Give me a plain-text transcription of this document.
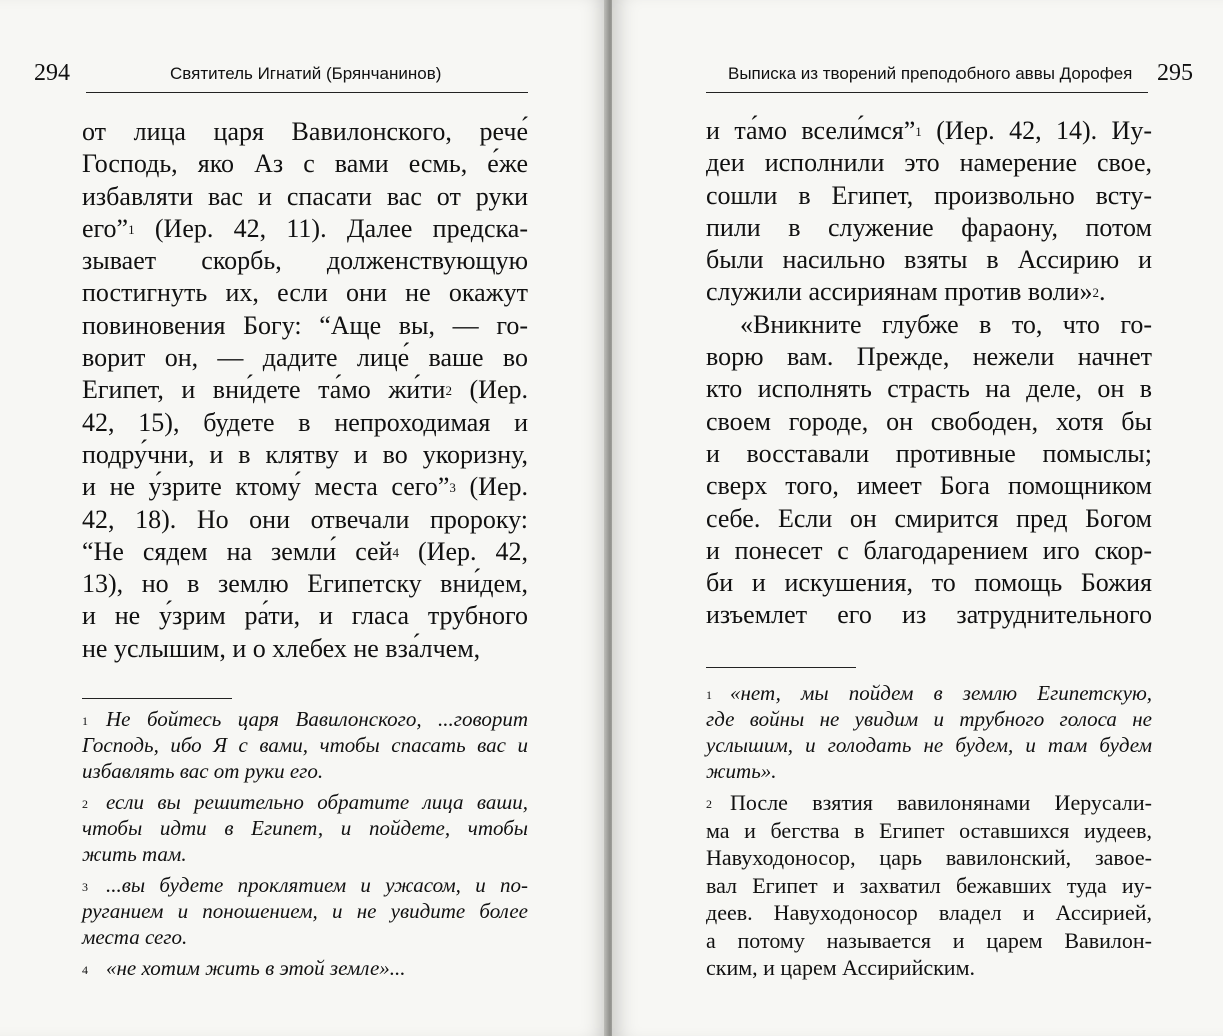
294	Святитель Игнатий (Брянчанинов)
от лица царя Вавилонского, рече́
Господь, яко Аз с вами есмь, е́же
избавляти вас и спасати вас от руки
его”$^1$ (Иер. 42, 11). Далее предска-
зывает скорбь, долженствующую
постигнуть их, если они не окажут
повиновения Богу: “Аще вы, — го-
ворит он, — дадите лице́ ваше во
Египет, и вни́дете та́мо жи́ти$^2$ (Иер.
42, 15), будете в непроходимая и
подру́чни, и в клятву и во укоризну,
и не у́зрите ктому́ места сего”$^3$ (Иер.
42, 18). Но они отвечали пророку:
“Не сядем на земли́ сей$^4$ (Иер. 42,
13), но в землю Египетску вни́дем,
и не у́зрим ра́ти, и гласа трубного
не услышим, и о хлебех не вза́лчем,
$^1$ Не бойтесь царя Вавилонского, ...говорит
Господь, ибо Я с вами, чтобы спасать вас и
избавлять вас от руки его.
$^2$ если вы решительно обратите лица ваши,
чтобы идти в Египет, и пойдете, чтобы
жить там.
$^3$ ...вы будете проклятием и ужасом, и по-
руганием и поношением, и не увидите более
места сего.
$^4$ «не хотим жить в этой земле»...
Выписка из творений преподобного аввы Дорофея 295
и та́мо всели́мся”$^1$ (Иер. 42, 14). Иу-
деи исполнили это намерение свое,
сошли в Египет, произвольно всту-
пили в служение фараону, потом
были насильно взяты в Ассирию и
служили ассириянам против воли»$^2$.
«Вникните глубже в то, что го-
ворю вам. Прежде, нежели начнет
кто исполнять страсть на деле, он в
своем городе, он свободен, хотя бы
и восставали противные помыслы;
сверх того, имеет Бога помощником
себе. Если он смирится пред Богом
и понесет с благодарением иго скор-
би и искушения, то помощь Божия
изъемлет его из затруднительного
$^1$ «нет, мы пойдем в землю Египетскую,
где войны не увидим и трубного голоса не
услышим, и голодать не будем, и там будем
жить».
$^2$ После взятия вавилонянами Иерусали-
ма и бегства в Египет оставшихся иудеев,
Навуходоносор, царь вавилонский, завое-
вал Египет и захватил бежавших туда иу-
деев. Навуходоносор владел и Ассирией,
а потому называется и царем Вавилон-
ским, и царем Ассирийским.
